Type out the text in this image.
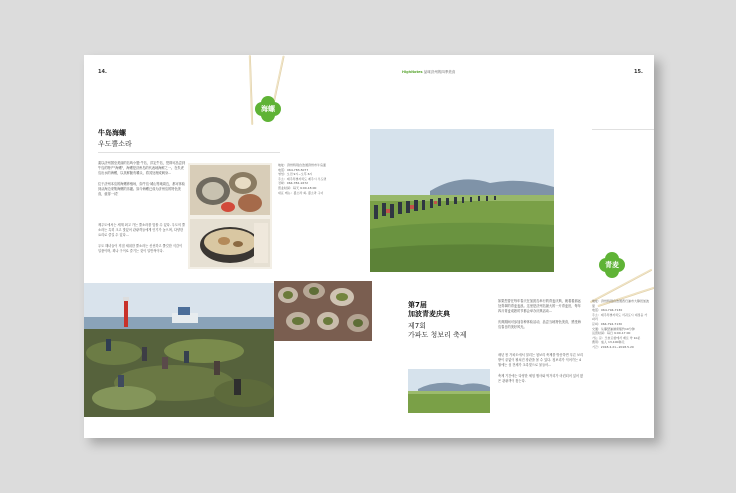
14.
海螺
牛岛海螺
우도뿔소라
素以济州国至美丽的岛屿小题·牛岛，洋定牛岛，您即可品尝到牛岛的特产"海螺"，海螺是济州岛的代表地海鲜之一。在朱虎岛出水的海螺，以其鲜脆有嚼头，将其处理成刺身...

位于济州本岛的海螺养殖场，如牛岛·城山等地周边，都可体验到从海边采集海螺的乐趣。如今海螺已成为济州岛的特色美食，值得一试！
제주도에서는 세계 최고 가는 뿔소라를 맛볼 수 있다. 우도의 뿔소라는 특히 크고 맛있어 관광객들에게 인기가 높으며, 다양한 요리로 즐길 수 있다...

우도 해녀들이 직접 채취한 뿔소라는 신선하고 쫄깃한 식감이 일품이며, 회나 구이로 즐기는 것이 일반적이다.
地址：济州特别自治道济州市牛岛面
电话：064-783-5077
영업：오전 9시~오후 6시
주소：제주특별자치도 제주시 우도면
전화：064-782-1672
营业时间：每天 9:00-18:00
대표 메뉴：뿔소라 회, 뿔소라 구이
HighNotes 品味济州的四季美食	15.
青麦
第7届
加波青麦庆典
제7회
가파도 청보리 축제
如果您曾在每年春天在加波岛举行的青麦庆典，就看看那远处青翠的青麦麦浪。这里是济州岛最大的一片青麦田，每年四月青麦成熟时节都会举办庆典活动...

庆典期间可参加各种体验活动，品尝当地特色美食，感受海岛春日的美好风光。
매년 봄 가파도에서 열리는 청보리 축제를 방문하면 푸른 보리밭이 끝없이 펼쳐진 장관을 볼 수 있다. 청보리가 익어가는 4월에는 섬 전체가 초록빛으로 물들어...

축제 기간에는 다양한 체험 행사와 먹거리가 마련되어 있어 많은 관광객이 찾는다.
地址：济州特别自治道西归浦市大静邑加波里
电话：064-794-7130
주소：제주특별자치도 서귀포시 대정읍 가파리
문의：064-794-7130
交通：从摹瑟浦港乘船约10分钟
运营时间：每日 9:00-17:00
가는 길：모슬포항에서 배로 약 10분
费用：成人 13,100韩元
기간：2018.4.21~2018.5.20
